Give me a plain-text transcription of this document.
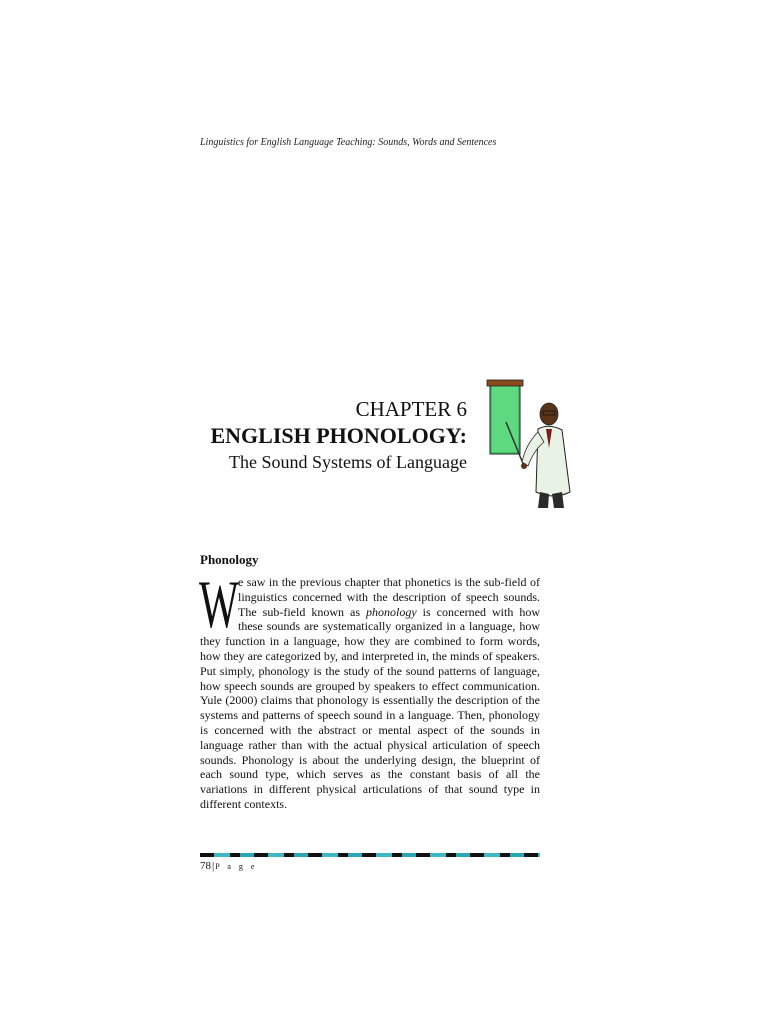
Linguistics for English Language Teaching: Sounds, Words and Sentences
CHAPTER 6
ENGLISH PHONOLOGY:
The Sound Systems of Language
Phonology
We saw in the previous chapter that phonetics is the sub-field of linguistics concerned with the description of speech sounds. The sub-field known as phonology is concerned with how these sounds are systematically organized in a language, how they function in a language, how they are combined to form words, how they are categorized by, and interpreted in, the minds of speakers. Put simply, phonology is the study of the sound patterns of language, how speech sounds are grouped by speakers to effect communication. Yule (2000) claims that phonology is essentially the description of the systems and patterns of speech sound in a language. Then, phonology is concerned with the abstract or mental aspect of the sounds in language rather than with the actual physical articulation of speech sounds. Phonology is about the underlying design, the blueprint of each sound type, which serves as the constant basis of all the variations in different physical articulations of that sound type in different contexts.
78|P a g e
